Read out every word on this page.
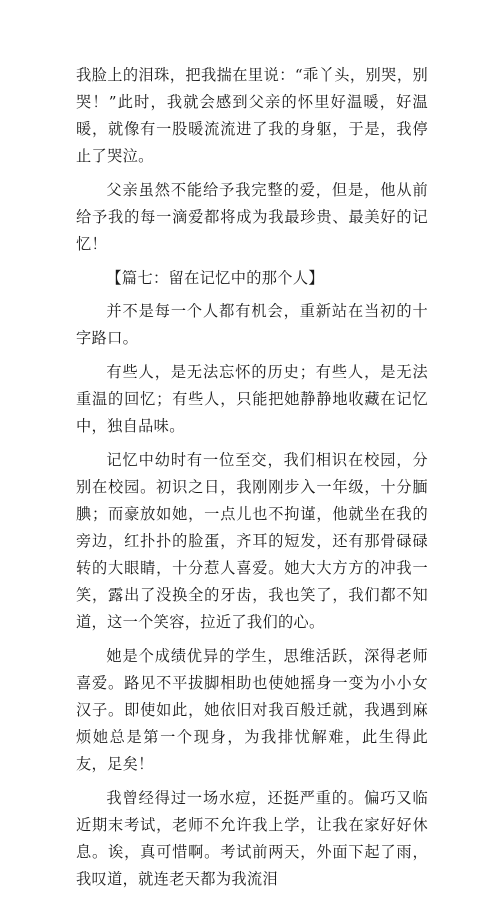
我脸上的泪珠，把我揣在里说：“乖丫头，别哭，别哭！”此时，我就会感到父亲的怀里好温暖，好温暖，就像有一股暖流流进了我的身躯，于是，我停止了哭泣。

父亲虽然不能给予我完整的爱，但是，他从前给予我的每一滴爱都将成为我最珍贵、最美好的记忆！

【篇七：留在记忆中的那个人】

并不是每一个人都有机会，重新站在当初的十字路口。

有些人，是无法忘怀的历史；有些人，是无法重温的回忆；有些人，只能把她静静地收藏在记忆中，独自品味。

记忆中幼时有一位至交，我们相识在校园，分别在校园。初识之日，我刚刚步入一年级，十分腼腆；而豪放如她，一点儿也不拘谨，他就坐在我的旁边，红扑扑的脸蛋，齐耳的短发，还有那骨碌碌转的大眼睛，十分惹人喜爱。她大大方方的冲我一笑，露出了没换全的牙齿，我也笑了，我们都不知道，这一个笑容，拉近了我们的心。

她是个成绩优异的学生，思维活跃，深得老师喜爱。路见不平拔脚相助也使她摇身一变为小小女汉子。即使如此，她依旧对我百般迁就，我遇到麻烦她总是第一个现身，为我排忧解难，此生得此友，足矣！

我曾经得过一场水痘，还挺严重的。偏巧又临近期末考试，老师不允许我上学，让我在家好好休息。诶，真可惜啊。考试前两天，外面下起了雨，我叹道，就连老天都为我流泪
